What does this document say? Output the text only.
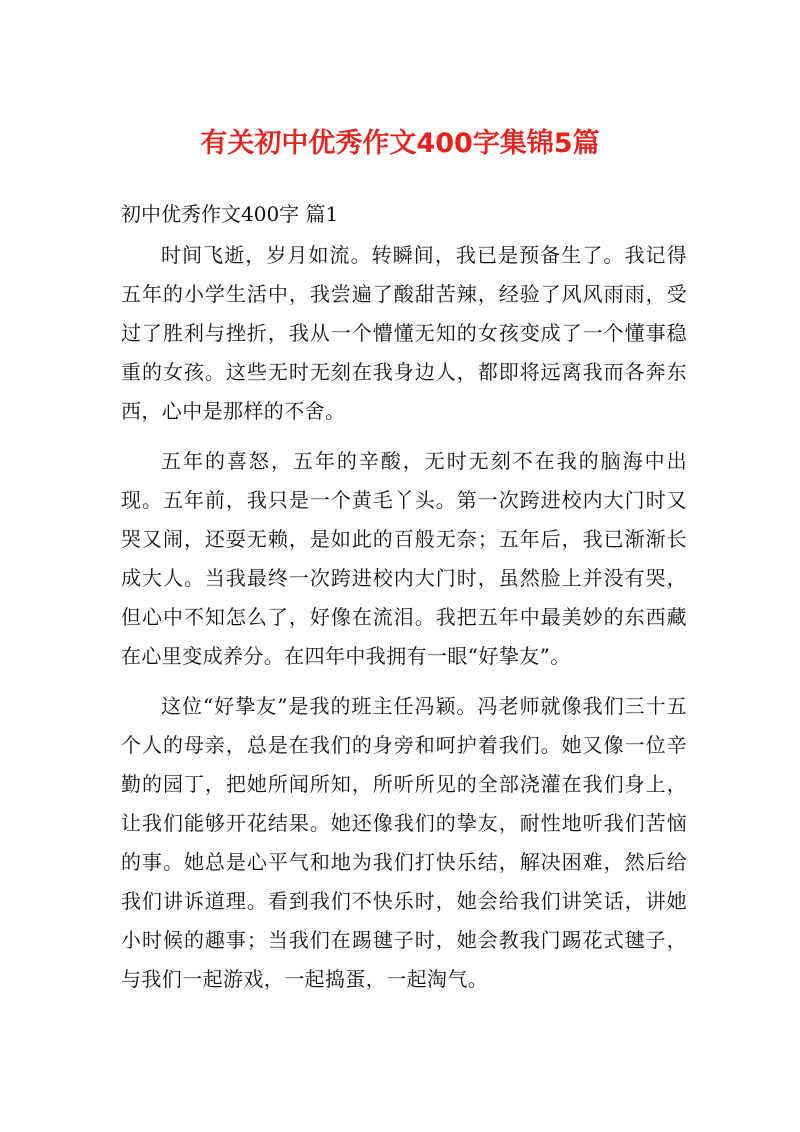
有关初中优秀作文400字集锦5篇

初中优秀作文400字 篇1

时间飞逝，岁月如流。转瞬间，我已是预备生了。我记得五年的小学生活中，我尝遍了酸甜苦辣，经验了风风雨雨，受过了胜利与挫折，我从一个懵懂无知的女孩变成了一个懂事稳重的女孩。这些无时无刻在我身边人，都即将远离我而各奔东西，心中是那样的不舍。

五年的喜怒，五年的辛酸，无时无刻不在我的脑海中出现。五年前，我只是一个黄毛丫头。第一次跨进校内大门时又哭又闹，还耍无赖，是如此的百般无奈；五年后，我已渐渐长成大人。当我最终一次跨进校内大门时，虽然脸上并没有哭，但心中不知怎么了，好像在流泪。我把五年中最美妙的东西藏在心里变成养分。在四年中我拥有一眼“好挚友”。

这位“好挚友”是我的班主任冯颖。冯老师就像我们三十五个人的母亲，总是在我们的身旁和呵护着我们。她又像一位辛勤的园丁，把她所闻所知，所听所见的全部浇灌在我们身上，让我们能够开花结果。她还像我们的挚友，耐性地听我们苦恼的事。她总是心平气和地为我们打快乐结，解决困难，然后给我们讲诉道理。看到我们不快乐时，她会给我们讲笑话，讲她小时候的趣事；当我们在踢毽子时，她会教我门踢花式毽子，与我们一起游戏，一起捣蛋，一起淘气。
